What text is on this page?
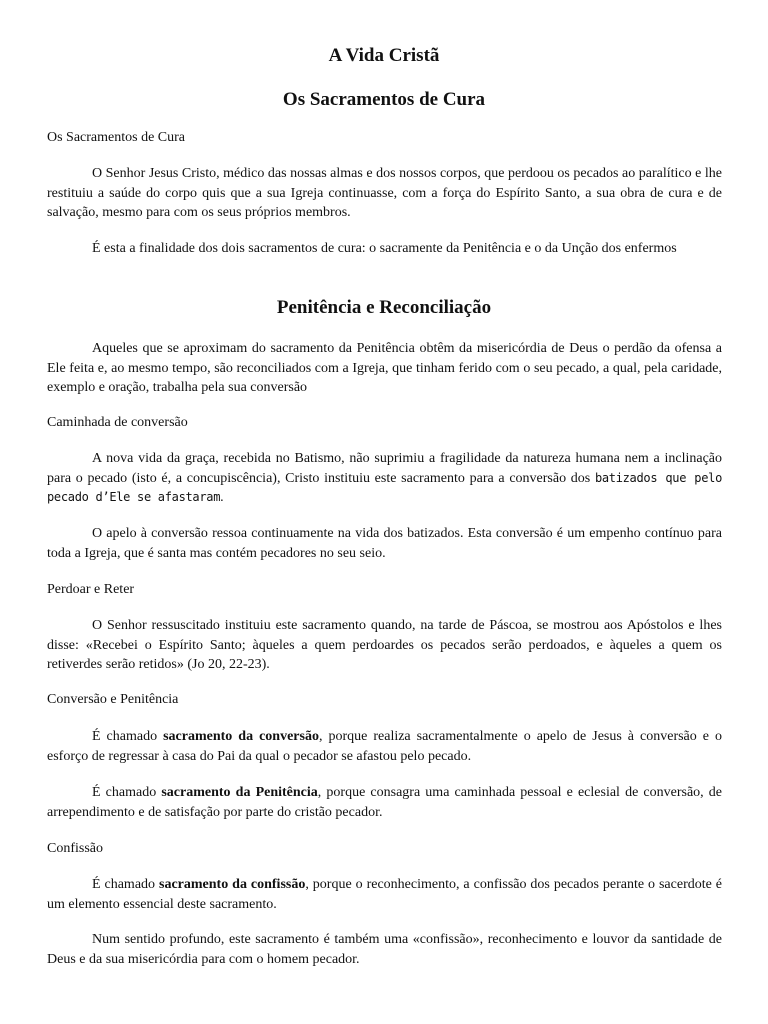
A Vida Cristã
Os Sacramentos de Cura
Os Sacramentos de Cura

O Senhor Jesus Cristo, médico das nossas almas e dos nossos corpos, que perdoou os pecados ao paralítico e lhe restituiu a saúde do corpo quis que a sua Igreja continuasse, com a força do Espírito Santo, a sua obra de cura e de salvação, mesmo para com os seus próprios membros.

É esta a finalidade dos dois sacramentos de cura: o sacramente da Penitência e o da Unção dos enfermos

Penitência e Reconciliação

Aqueles que se aproximam do sacramento da Penitência obtêm da misericórdia de Deus o perdão da ofensa a Ele feita e, ao mesmo tempo, são reconciliados com a Igreja, que tinham ferido com o seu pecado, a qual, pela caridade, exemplo e oração, trabalha pela sua conversão

Caminhada de conversão

A nova vida da graça, recebida no Batismo, não suprimiu a fragilidade da natureza humana nem a inclinação para o pecado (isto é, a concupiscência), Cristo instituiu este sacramento para a conversão dos batizados que pelo pecado d’Ele se afastaram.

O apelo à conversão ressoa continuamente na vida dos batizados. Esta conversão é um empenho contínuo para toda a Igreja, que é santa mas contém pecadores no seu seio.

Perdoar e Reter

O Senhor ressuscitado instituiu este sacramento quando, na tarde de Páscoa, se mostrou aos Apóstolos e lhes disse: «Recebei o Espírito Santo; àqueles a quem perdoardes os pecados serão perdoados, e àqueles a quem os retiverdes serão retidos» (Jo 20, 22-23).

Conversão e Penitência

É chamado sacramento da conversão, porque realiza sacramentalmente o apelo de Jesus à conversão e o esforço de regressar à casa do Pai da qual o pecador se afastou pelo pecado.

É chamado sacramento da Penitência, porque consagra uma caminhada pessoal e eclesial de conversão, de arrependimento e de satisfação por parte do cristão pecador.

Confissão

É chamado sacramento da confissão, porque o reconhecimento, a confissão dos pecados perante o sacerdote é um elemento essencial deste sacramento.

Num sentido profundo, este sacramento é também uma «confissão», reconhecimento e louvor da santidade de Deus e da sua misericórdia para com o homem pecador.
